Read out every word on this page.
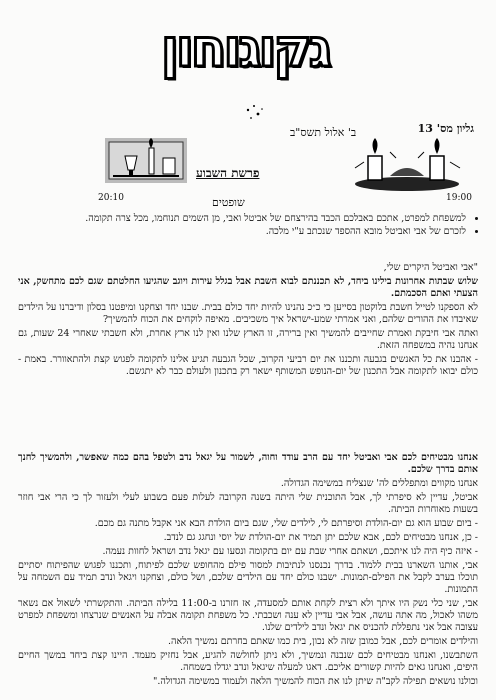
גקוגוחון
גליון מס' 13
ב' אלול תשס"ב
פרשת השבוע
שופטים
20:10	19:00
• למשפחת למפרט, אתכם באבלכם הכבד בהירצחם של אביטל ואבי, מן השמים תנוחמו, מכל צרה תקומה.
• לזכרם של אבי ואביטל מובא ההספד שנכתב ע"י מלכה.

"אבי ואביטל היקרים שלי,

שלוש שבתות אחרונות בילינו ביחד, לא תכננתם לבוא השבת אבל בגלל עירות ויוגב שהגיעו החלטתם שגם לכם מתחשק, אני הצעתי ואתם הסכמתם.

לא הספקנו לטייל חשבת בלוקטון בסייען כי כ״כ נהנינו להיות יחד כולם בבית. שבנו יחד וצחקנו ומיפטנו בסלון ודיברנו על הילדים שאיבדו את ההורים שלהם, ואני אמרתי שמע-ישראל איך משכיבים. מאיפה לוקחים את הכוח להמשיך?

ואתה אבי חיבקת ואמרת שחייבים להמשיך ואין ברירה, זו הארץ שלנו ואין לנו ארץ אחרת, ולא חשבתי שאחרי 24 שעות, גם אנחנו נהיה במשפחה הזאת.

- אהבנו את כל האנשים בגבעה ותכננו את יום רביעי הקרוב, שכל הגבעה תגיע אלינו לתקומה לפגוש קצת ולהתאוורר. באמת - כולם יבואו לתקומה אבל התכנון של יום-הנופש המשותף ישאר רק בתכנון ולעולם כבר לא יתגשם.

אנחנו מבטיחים לכם אבי ואביטל יחד עם הרב עודד וחוה, לשמור על יגאל נדב ולטפל בהם כמה שאפשר, ולהמשיך לחנך אותם בדרך שלכם.

אנחנו מקווים ומתפללים לה' שנצליח במשימה הגדולה.

אביטל, עדיין לא סיפרתי לך, אבל התוכנית שלי היתה בשנה הקרובה לעלות פעם בשבוע לעלי ולעזור לך כי הרי אבי חוזר בשעות מאוחרות הביתה.

- ביום שבוע הוא גם יום-הולדת וסיפרתם לי, לילדים שלי, שגם ביום הולדת הבא אני אקבל מתנה גם מכם.

- כן, אנחנו מבטיחים לכם, אבא שלכם יתן תמיד את יום-הולדת של יוסי ונחגג גם לנדב.

- איזה כיף היה לנו איתכם, ושאתם אחרי שבת עם יום בתקומה ונסעו עם יגאל נדב ושראל לחוות נעמה.

אבי, אותנו השארנו בבית ללמוד. בדרך נכנסנו לנתיבות למסור פילם מהחופש שלכם לפיתוח, ותכננו לפגוש שהפיתוח יסתיים תוכלו בערב לקבל את הפילם-תמונות. ישבנו כולם יחד עם הילדים שלכם, ושל כולם, וצחקנו ויגאל ונדב תמיד עם השמחה על התמונות.

אבי, שני כלי נשק היו איתך ולא רצית לקחת אותם למסעדה, אז חזרנו ב-11:00 בלילה הביתה. והתקשרתי לשאול אם נשאר משהו לאכול, מה אתה עושה, אבל אבי עדיין לא ענה ושכבתי. כל משפחת תקומה אבלה על האנשים שנרצחו ומשפחת למפרט עצובה אבל אני נתפללת להכניס את יגאל ונדב לילדים שלנו.

והילדים אומרים לכם, אבל כמובן שזה לא נכון, בית כמו שאתם בחרתם נמשיך הלאה.

השתבשנו, ואנחנו מבטיחים לכם שנבנה ונמשיך, ולא ניתן לחולשה להגיע, אבל נחזיק מעמד. היינו קצת ביחד במשך החיים היפים, ואנחנו גאים להיות קשורים אליכם. דאגו למעלה שיגאל ונדב יגדלו בשמחה.

וכולנו נושאים תפילה לקב"ה שיתן לנו את הכוח להמשיך הלאה ולעמוד במשימה הגדולה."
